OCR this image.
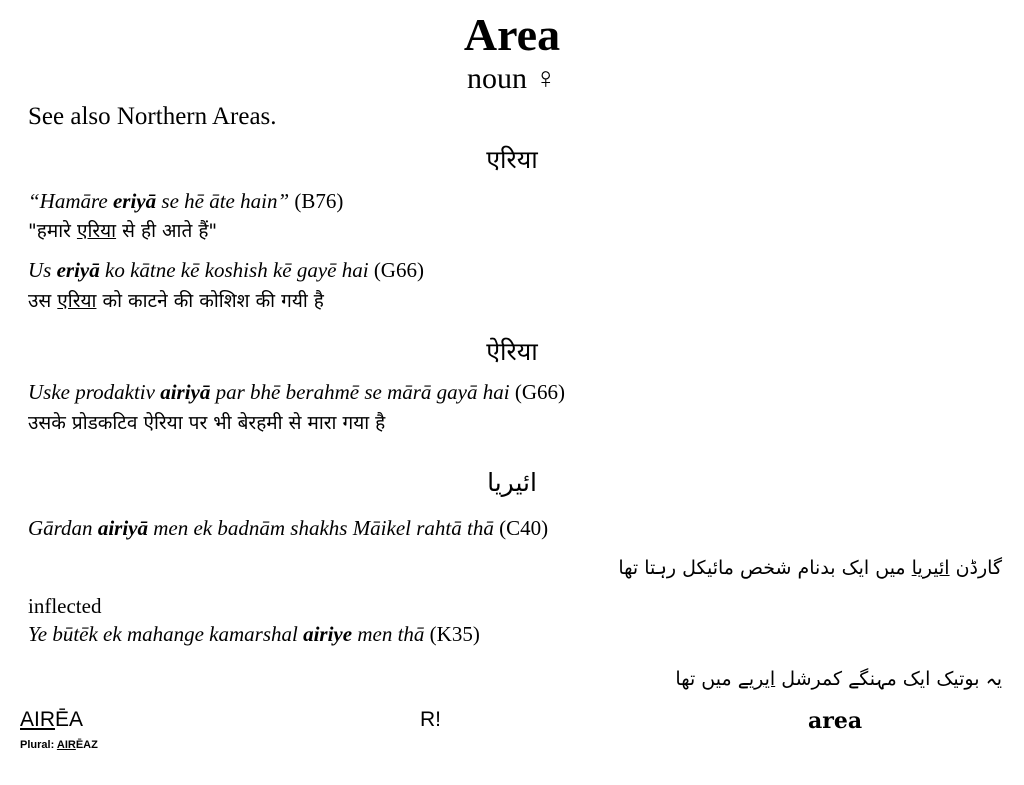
Area
noun ♀
See also Northern Areas.
एरिया
“Hamāre eriyā se hē āte hain” (B76)
"हमारे एरिया से ही आते हैं"
Us eriyā ko kātne kē koshish kē gayē hai (G66)
उस एरिया को काटने की कोशिश की गयी है
ऐरिया
Uske prodaktiv airiyā par bhē berahmē se mārā gayā hai (G66)
उसके प्रोडकटिव ऐरिया पर भी बेरहमी से मारा गया है
ائیریا
Gārdan airiyā men ek badnām shakhs Māikel rahtā thā (C40)
گارڈن ائیریا میں ایک بدنام شخص مائیکل رہتا تھا
inflected
Ye būtēk ek mahange kamarshal airiye men thā (K35)
یہ بوتیک ایک مہنگے کمرشل ایریے میں تھا
AIRĒA	R!	area
Plural: AIRĒAZ
